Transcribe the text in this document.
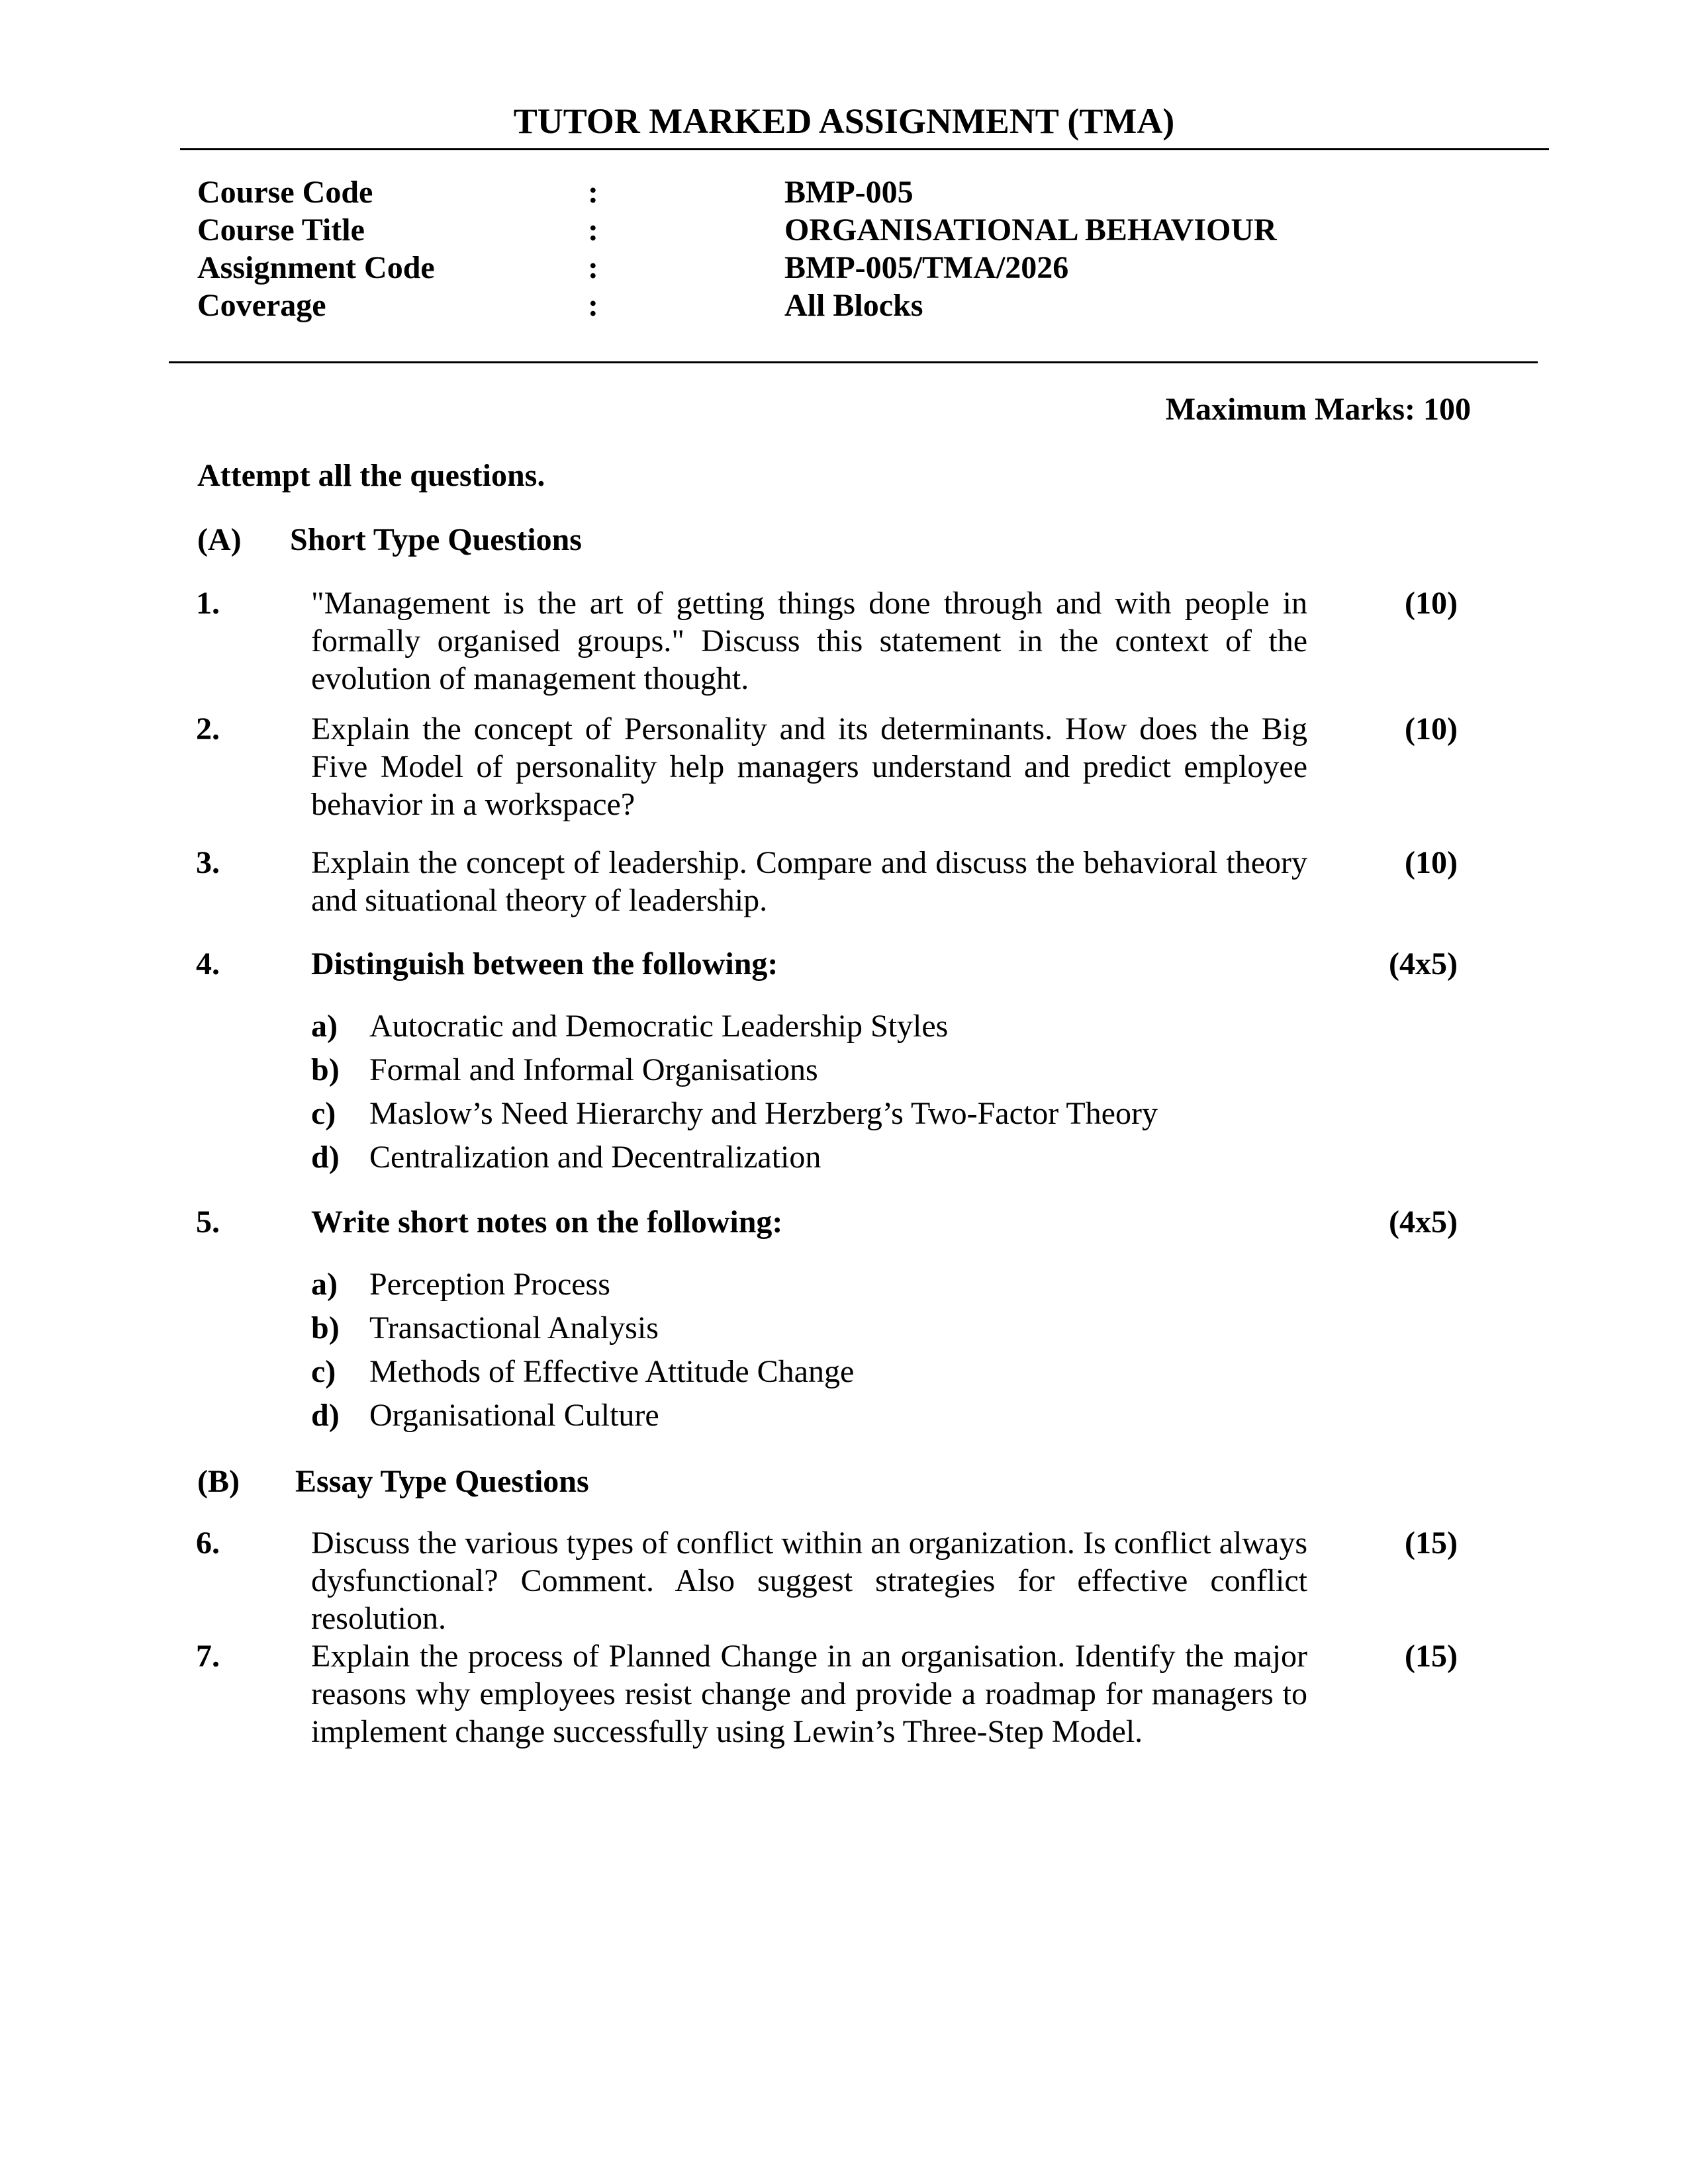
TUTOR MARKED ASSIGNMENT (TMA)
Course Code	:	BMP-005
Course Title	:	ORGANISATIONAL BEHAVIOUR
Assignment Code	:	BMP-005/TMA/2026
Coverage	:	All Blocks
Maximum Marks: 100
Attempt all the questions.
(A) Short Type Questions
1.	"Management is the art of getting things done through and with people in formally organised groups." Discuss this statement in the context of the evolution of management thought.
(10)
2.	Explain the concept of Personality and its determinants. How does the Big Five Model of personality help managers understand and predict employee behavior in a workspace?
(10)
3.	Explain the concept of leadership. Compare and discuss the behavioral theory and situational theory of leadership.
(10)
4.	Distinguish between the following:	(4x5)
a) Autocratic and Democratic Leadership Styles
b) Formal and Informal Organisations
c) Maslow’s Need Hierarchy and Herzberg’s Two-Factor Theory
d) Centralization and Decentralization
5.	Write short notes on the following:	(4x5)
a) Perception Process
b) Transactional Analysis
c) Methods of Effective Attitude Change
d) Organisational Culture
(B) Essay Type Questions
6.	Discuss the various types of conflict within an organization. Is conflict always dysfunctional? Comment. Also suggest strategies for effective conflict resolution.
(15)
7.	Explain the process of Planned Change in an organisation. Identify the major reasons why employees resist change and provide a roadmap for managers to implement change successfully using Lewin’s Three-Step Model.
(15)
